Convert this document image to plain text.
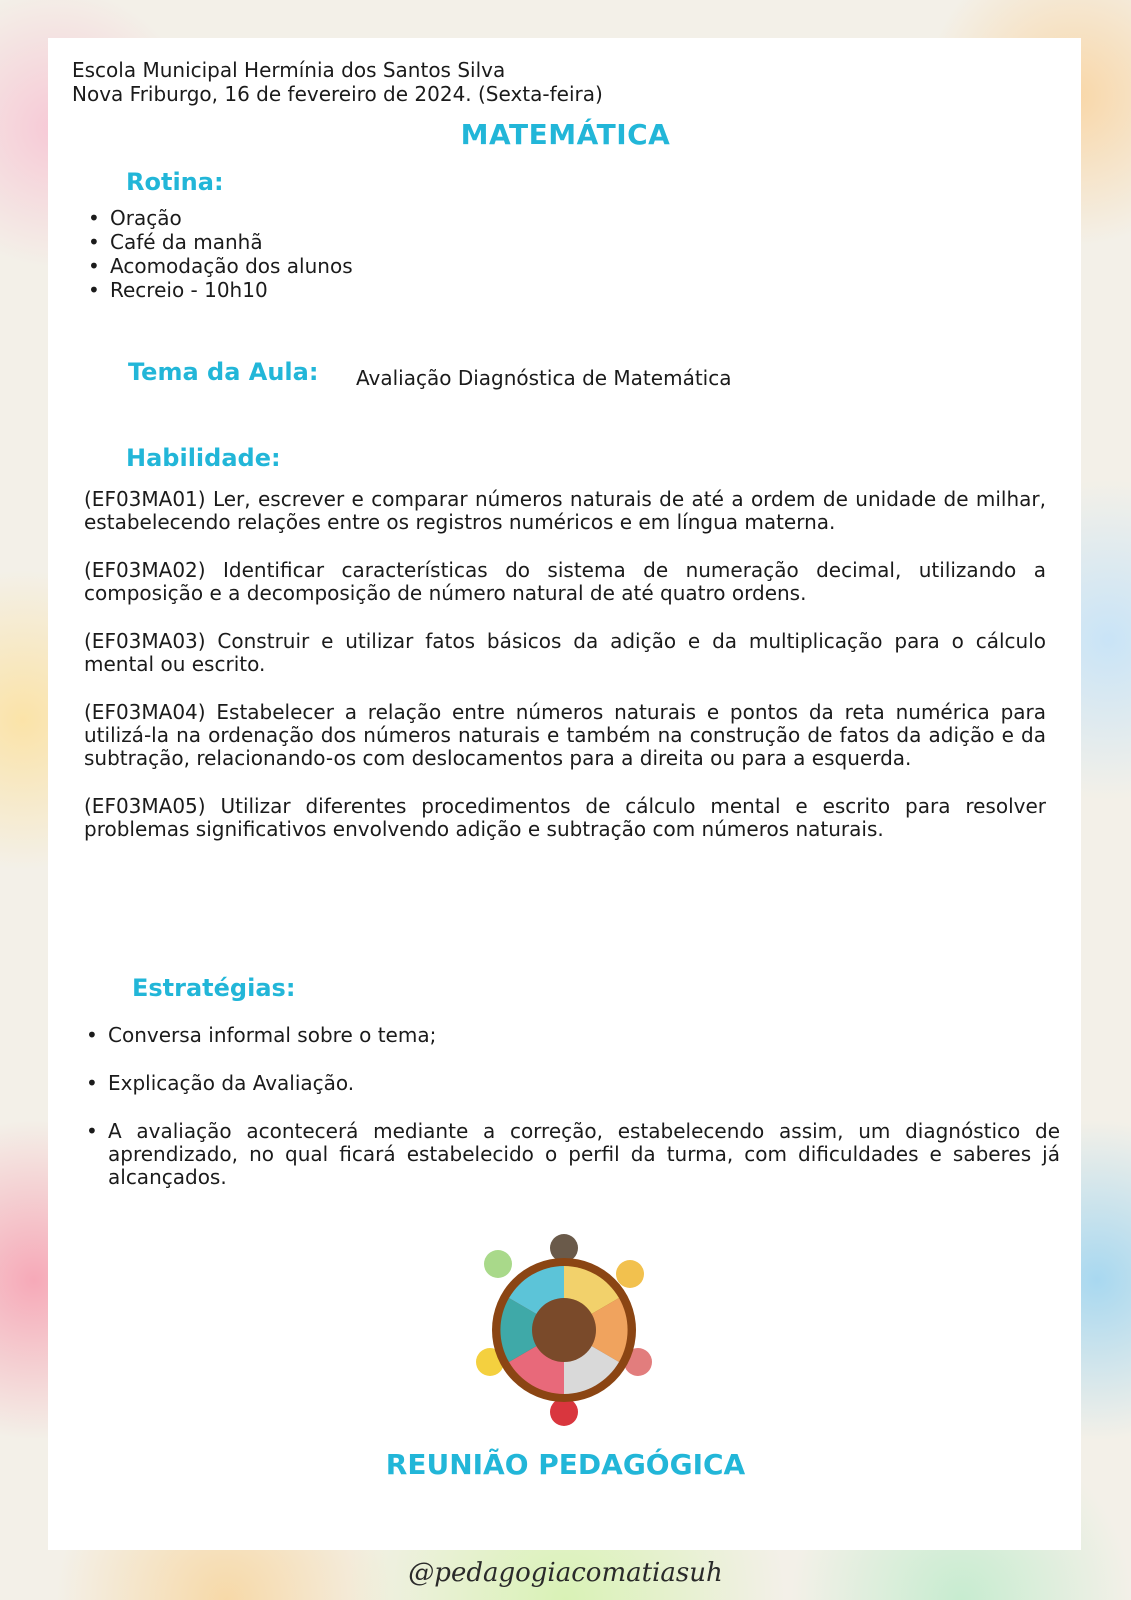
Escola Municipal Hermínia dos Santos Silva
Nova Friburgo, 16 de fevereiro de 2024. (Sexta-feira)
MATEMÁTICA
Rotina:
• Oração
• Café da manhã
• Acomodação dos alunos
• Recreio - 10h10
Tema da Aula: Avaliação Diagnóstica de Matemática
Habilidade:

(EF03MA01) Ler, escrever e comparar números naturais de até a ordem de unidade de milhar, estabelecendo relações entre os registros numéricos e em língua materna.

(EF03MA02) Identificar características do sistema de numeração decimal, utilizando a composição e a decomposição de número natural de até quatro ordens.

(EF03MA03) Construir e utilizar fatos básicos da adição e da multiplicação para o cálculo mental ou escrito.

(EF03MA04) Estabelecer a relação entre números naturais e pontos da reta numérica para utilizá-la na ordenação dos números naturais e também na construção de fatos da adição e da subtração, relacionando-os com deslocamentos para a direita ou para a esquerda.

(EF03MA05) Utilizar diferentes procedimentos de cálculo mental e escrito para resolver problemas significativos envolvendo adição e subtração com números naturais.

Estratégias:
• Conversa informal sobre o tema;
• Explicação da Avaliação.
• A avaliação acontecerá mediante a correção, estabelecendo assim, um diagnóstico de aprendizado, no qual ficará estabelecido o perfil da turma, com dificuldades e saberes já alcançados.
REUNIÃO PEDAGÓGICA
@pedagogiacomatiasuh
